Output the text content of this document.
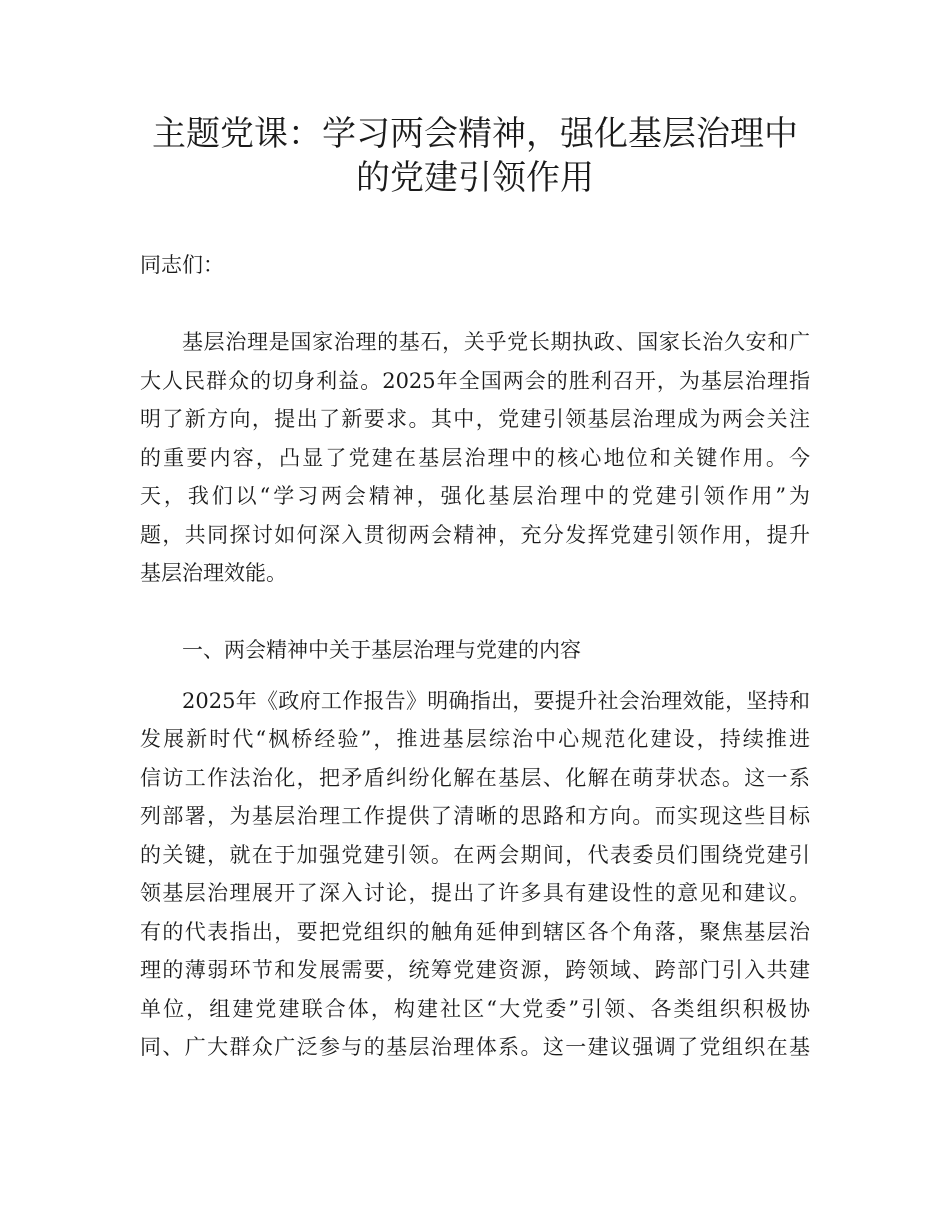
主题党课：学习两会精神，强化基层治理中
的党建引领作用
同志们：
基层治理是国家治理的基石，关乎党长期执政、国家长治久安和广
大人民群众的切身利益。2025年全国两会的胜利召开，为基层治理指
明了新方向，提出了新要求。其中，党建引领基层治理成为两会关注
的重要内容，凸显了党建在基层治理中的核心地位和关键作用。今
天，我们以“学习两会精神，强化基层治理中的党建引领作用”为
题，共同探讨如何深入贯彻两会精神，充分发挥党建引领作用，提升
基层治理效能。
一、两会精神中关于基层治理与党建的内容
2025年《政府工作报告》明确指出，要提升社会治理效能，坚持和
发展新时代“枫桥经验”，推进基层综治中心规范化建设，持续推进
信访工作法治化，把矛盾纠纷化解在基层、化解在萌芽状态。这一系
列部署，为基层治理工作提供了清晰的思路和方向。而实现这些目标
的关键，就在于加强党建引领。在两会期间，代表委员们围绕党建引
领基层治理展开了深入讨论，提出了许多具有建设性的意见和建议。
有的代表指出，要把党组织的触角延伸到辖区各个角落，聚焦基层治
理的薄弱环节和发展需要，统筹党建资源，跨领域、跨部门引入共建
单位，组建党建联合体，构建社区“大党委”引领、各类组织积极协
同、广大群众广泛参与的基层治理体系。这一建议强调了党组织在基
